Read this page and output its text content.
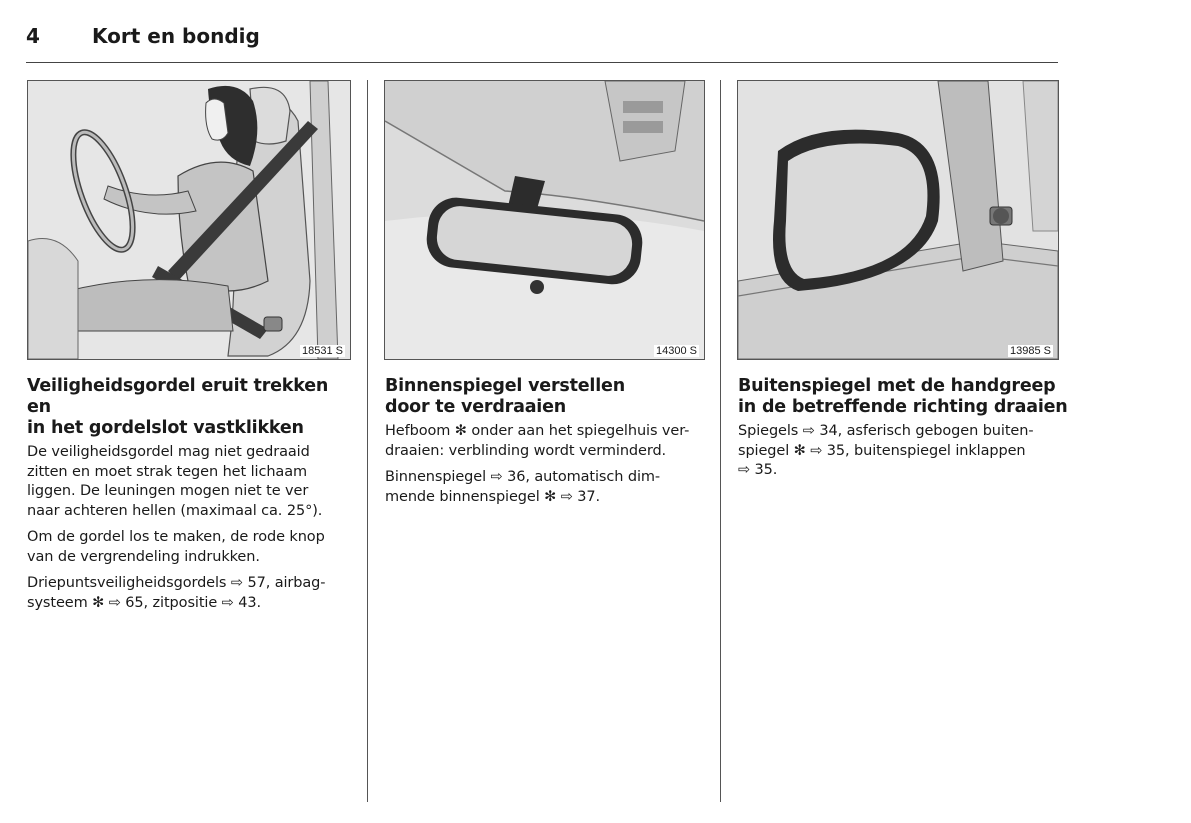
4	Kort en bondig
18531 S	14300 S	13985 S
Veiligheidsgordel eruit trekken en
in het gordelslot vastklikken

De veiligheidsgordel mag niet gedraaid
zitten en moet strak tegen het lichaam
liggen. De leuningen mogen niet te ver
naar achteren hellen (maximaal ca. 25°).

Om de gordel los te maken, de rode knop
van de vergrendeling indrukken.

Driepuntsveiligheidsgordels ⇨ 57, airbag-
systeem ✻ ⇨ 65, zitpositie ⇨ 43.

Binnenspiegel verstellen
door te verdraaien

Hefboom ✻ onder aan het spiegelhuis ver-
draaien: verblinding wordt verminderd.

Binnenspiegel ⇨ 36, automatisch dim-
mende binnenspiegel ✻ ⇨ 37.

Buitenspiegel met de handgreep
in de betreffende richting draaien

Spiegels ⇨ 34, asferisch gebogen buiten-
spiegel ✻ ⇨ 35, buitenspiegel inklappen
⇨ 35.
